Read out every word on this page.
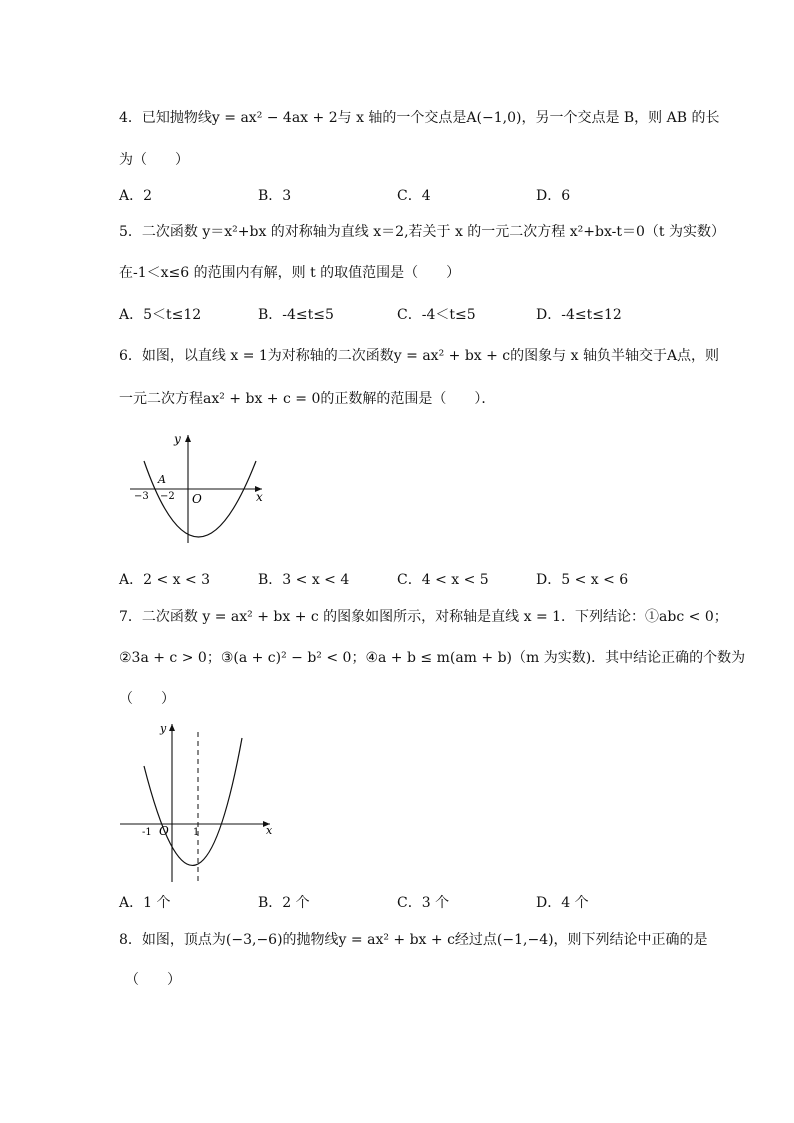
4．已知抛物线y = ax² − 4ax + 2与 x 轴的一个交点是A(−1,0)，另一个交点是 B，则 AB 的长
为（　　）
A．2	B．3	C．4	D．6
5．二次函数 y＝x²+bx 的对称轴为直线 x＝2,若关于 x 的一元二次方程 x²+bx-t＝0（t 为实数）
在-1＜x≤6 的范围内有解，则 t 的取值范围是（　　）
A．5＜t≤12	B．-4≤t≤5	C．-4＜t≤5	D．-4≤t≤12
6．如图，以直线 x = 1为对称轴的二次函数y = ax² + bx + c的图象与 x 轴负半轴交于A点，则
一元二次方程ax² + bx + c = 0的正数解的范围是（　　）．
x
y
O
A
−3 −2
A．2 < x < 3	B．3 < x < 4	C．4 < x < 5	D．5 < x < 6
7．二次函数 y = ax² + bx + c 的图象如图所示，对称轴是直线 x = 1．下列结论：①abc < 0；
②3a + c > 0；③(a + c)² − b² < 0；④a + b ≤ m(am + b)（m 为实数)．其中结论正确的个数为
（　　）
x
y
O
-1	1
A．1 个	B．2 个	C．3 个	D．4 个
8．如图，顶点为(−3,−6)的抛物线y = ax² + bx + c经过点(−1,−4)，则下列结论中正确的是
（　　）
